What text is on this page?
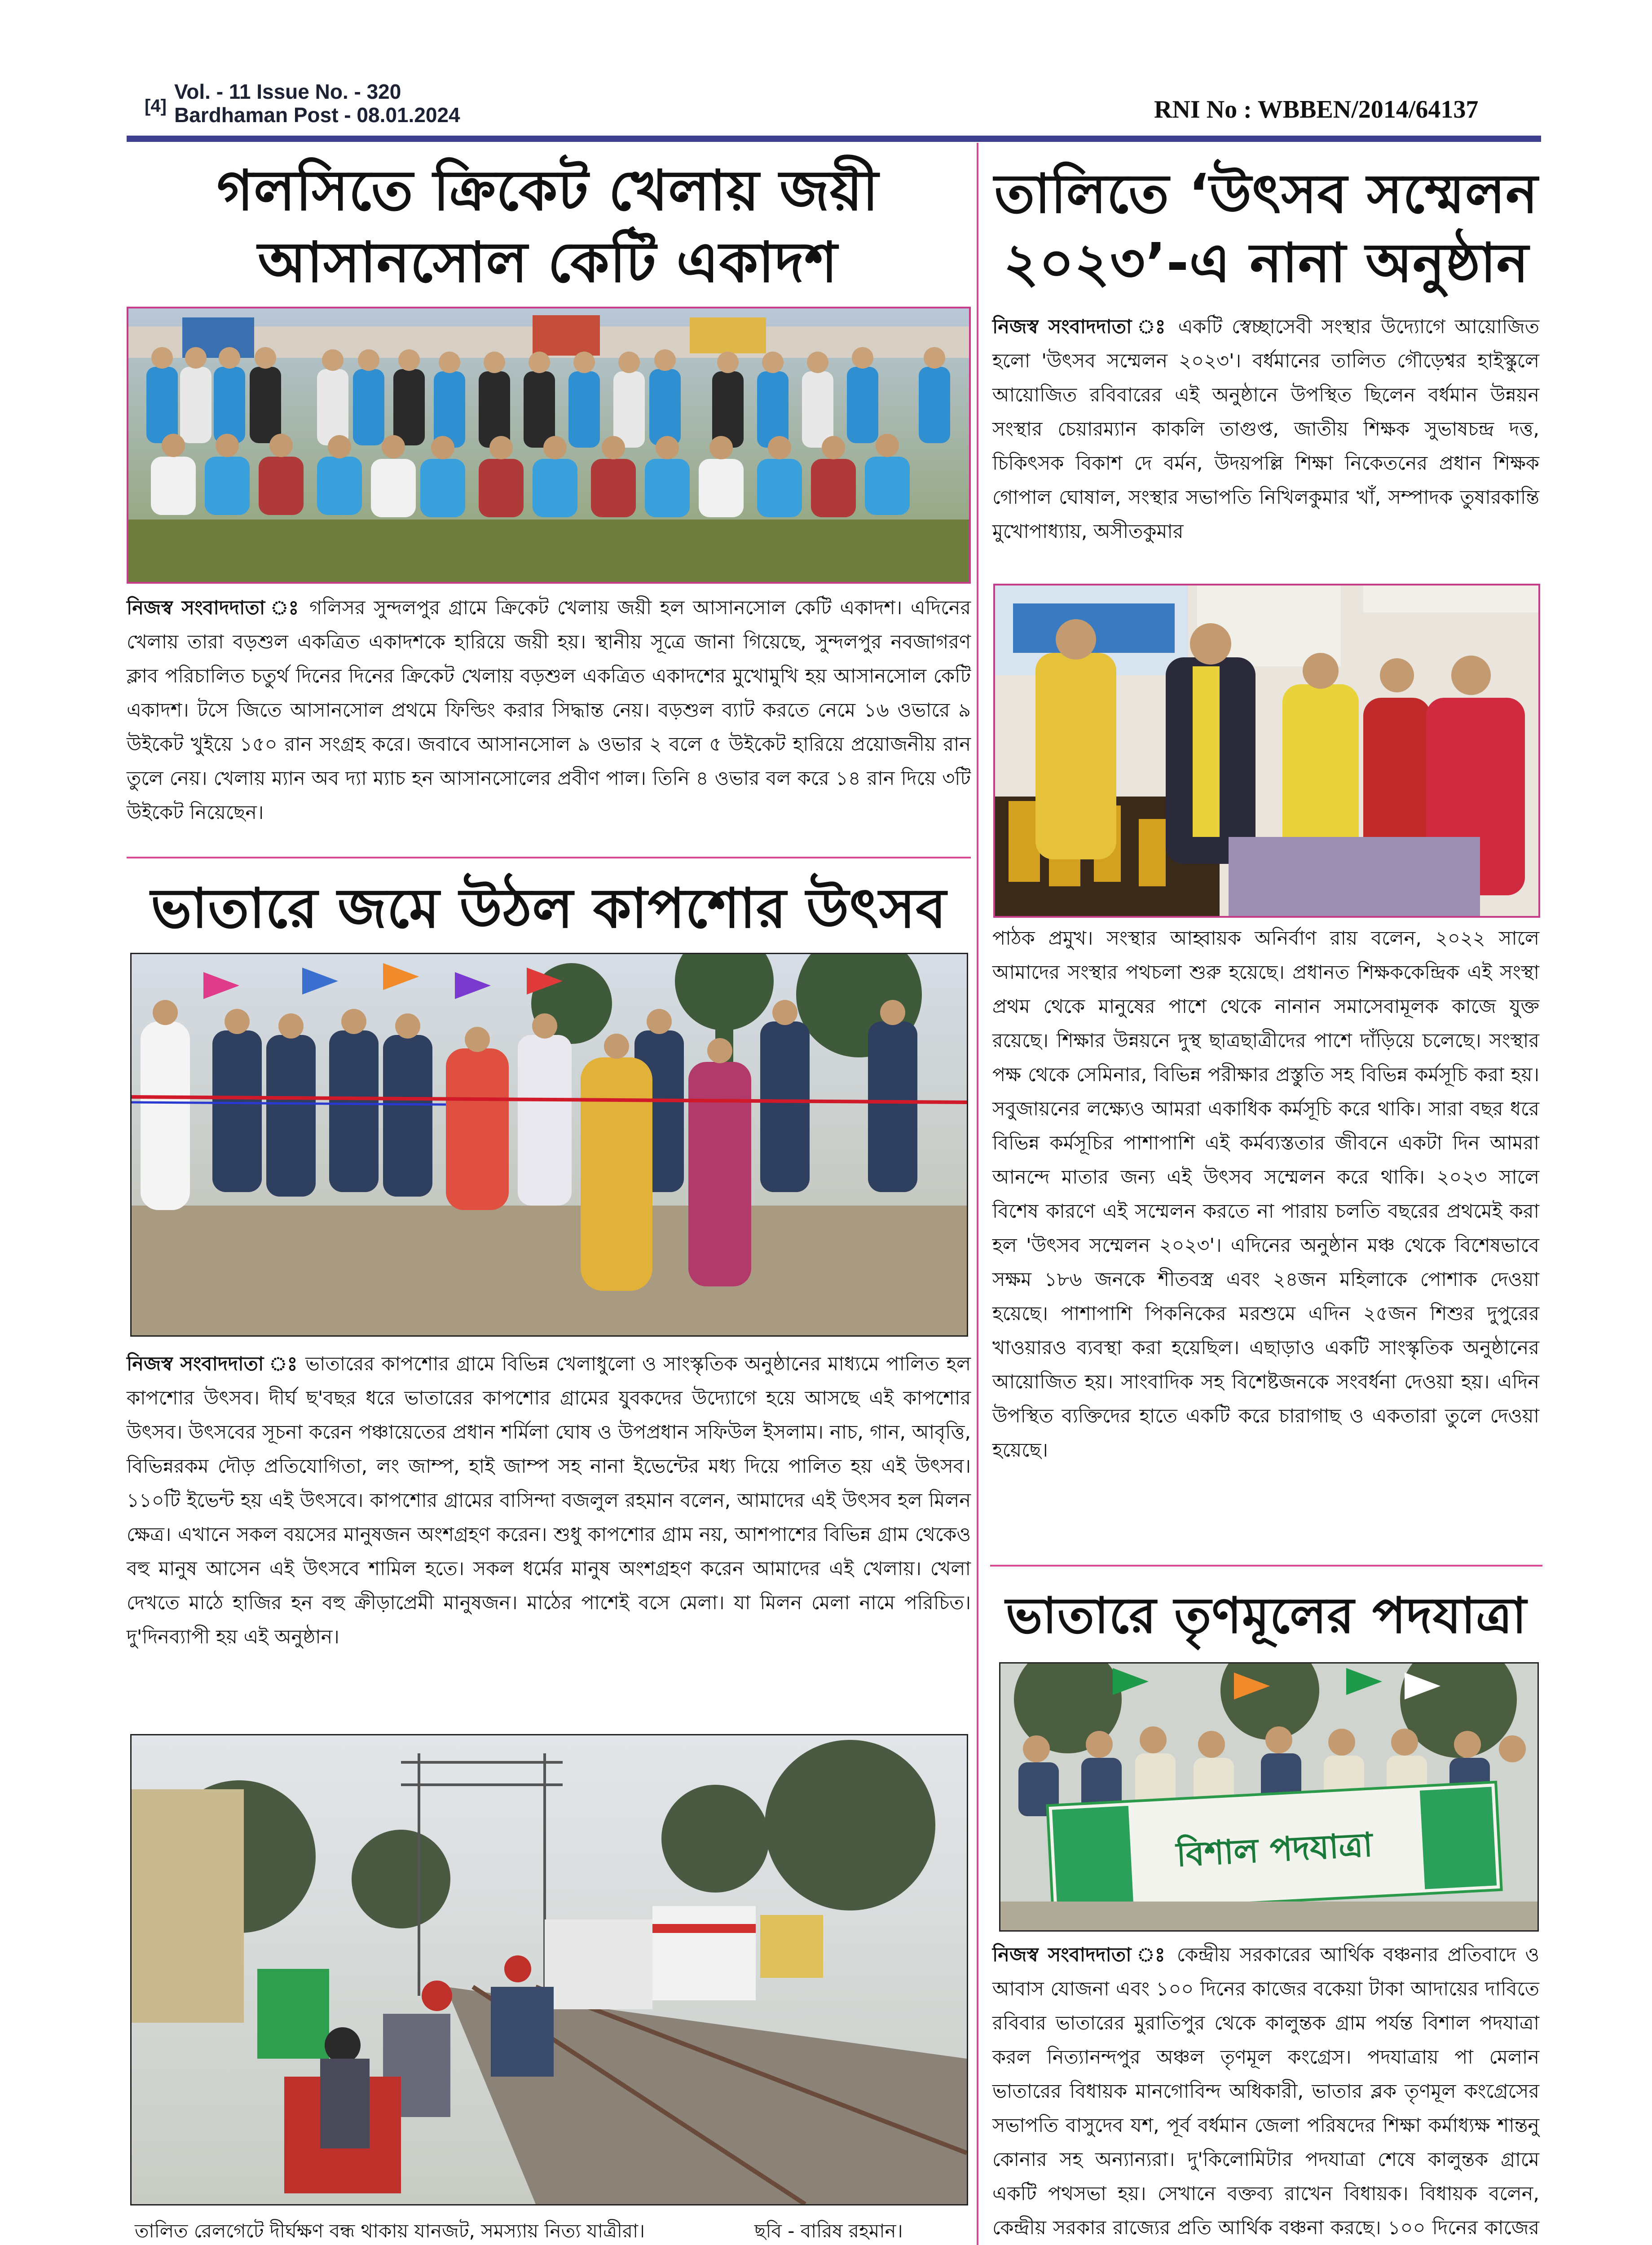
[4]
Vol. - 11 Issue No. - 320
Bardhaman Post - 08.01.2024	RNI No : WBBEN/2014/64137
গলসিতে ক্রিকেট খেলায় জয়ী
আসানসোল কেটি একাদশ
নিজস্ব সংবাদদাতা ঃ গলিসর সুন্দলপুর গ্রামে ক্রিকেট খেলায় জয়ী হল আসানসোল কেটি একাদশ। এদিনের খেলায় তারা বড়শুল একত্রিত একাদশকে হারিয়ে জয়ী হয়। স্থানীয় সূত্রে জানা গিয়েছে, সুন্দলপুর নবজাগরণ ক্লাব পরিচালিত চতুর্থ দিনের দিনের ক্রিকেট খেলায় বড়শুল একত্রিত একাদশের মুখোমুখি হয় আসানসোল কেটি একাদশ। টসে জিতে আসানসোল প্রথমে ফিল্ডিং করার সিদ্ধান্ত নেয়। বড়শুল ব্যাট করতে নেমে ১৬ ওভারে ৯ উইকেট খুইয়ে ১৫০ রান সংগ্রহ করে। জবাবে আসানসোল ৯ ওভার ২ বলে ৫ উইকেট হারিয়ে প্রয়োজনীয় রান তুলে নেয়। খেলায় ম্যান অব দ্যা ম্যাচ হন আসানসোলের প্রবীণ পাল। তিনি ৪ ওভার বল করে ১৪ রান দিয়ে ৩টি উইকেট নিয়েছেন।
ভাতারে জমে উঠল কাপশোর উৎসব
নিজস্ব সংবাদদাতা ঃ ভাতারের কাপশোর গ্রামে বিভিন্ন খেলাধুলো ও সাংস্কৃতিক অনুষ্ঠানের মাধ্যমে পালিত হল কাপশোর উৎসব। দীর্ঘ ছ'বছর ধরে ভাতারের কাপশোর গ্রামের যুবকদের উদ্যোগে হয়ে আসছে এই কাপশোর উৎসব। উৎসবের সূচনা করেন পঞ্চায়েতের প্রধান শর্মিলা ঘোষ ও উপপ্রধান সফিউল ইসলাম। নাচ, গান, আবৃত্তি, বিভিন্নরকম দৌড় প্রতিযোগিতা, লং জাম্প, হাই জাম্প সহ নানা ইভেন্টের মধ্য দিয়ে পালিত হয় এই উৎসব। ১১০টি ইভেন্ট হয় এই উৎসবে। কাপশোর গ্রামের বাসিন্দা বজলুল রহমান বলেন, আমাদের এই উৎসব হল মিলন ক্ষেত্র। এখানে সকল বয়সের মানুষজন অংশগ্রহণ করেন। শুধু কাপশোর গ্রাম নয়, আশপাশের বিভিন্ন গ্রাম থেকেও বহু মানুষ আসেন এই উৎসবে শামিল হতে। সকল ধর্মের মানুষ অংশগ্রহণ করেন আমাদের এই খেলায়। খেলা দেখতে মাঠে হাজির হন বহু ক্রীড়াপ্রেমী মানুষজন। মাঠের পাশেই বসে মেলা। যা মিলন মেলা নামে পরিচিত। দু'দিনব্যাপী হয় এই অনুষ্ঠান।
তালিত রেলগেটে দীর্ঘক্ষণ বন্ধ থাকায় যানজট, সমস্যায় নিত্য যাত্রীরা।	ছবি - বারিষ রহমান।
তালিতে ‘উৎসব সম্মেলন
২০২৩’-এ নানা অনুষ্ঠান
নিজস্ব সংবাদদাতা ঃ একটি স্বেচ্ছাসেবী সংস্থার উদ্যোগে আয়োজিত হলো 'উৎসব সম্মেলন ২০২৩'। বর্ধমানের তালিত গৌড়েশ্বর হাইস্কুলে আয়োজিত রবিবারের এই অনুষ্ঠানে উপস্থিত ছিলেন বর্ধমান উন্নয়ন সংস্থার চেয়ারম্যান কাকলি তাগুপ্ত, জাতীয় শিক্ষক সুভাষচন্দ্র দত্ত, চিকিৎসক বিকাশ দে বর্মন, উদয়পল্লি শিক্ষা নিকেতনের প্রধান শিক্ষক গোপাল ঘোষাল, সংস্থার সভাপতি নিখিলকুমার খাঁ, সম্পাদক তুষারকান্তি মুখোপাধ্যায়, অসীতকুমার
পাঠক প্রমুখ। সংস্থার আহ্বায়ক অনির্বাণ রায় বলেন, ২০২২ সালে আমাদের সংস্থার পথচলা শুরু হয়েছে। প্রধানত শিক্ষককেন্দ্রিক এই সংস্থা প্রথম থেকে মানুষের পাশে থেকে নানান সমাসেবামূলক কাজে যুক্ত রয়েছে। শিক্ষার উন্নয়নে দুস্থ ছাত্রছাত্রীদের পাশে দাঁড়িয়ে চলেছে। সংস্থার পক্ষ থেকে সেমিনার, বিভিন্ন পরীক্ষার প্রস্তুতি সহ বিভিন্ন কর্মসূচি করা হয়। সবুজায়নের লক্ষ্যেও আমরা একাধিক কর্মসূচি করে থাকি। সারা বছর ধরে বিভিন্ন কর্মসূচির পাশাপাশি এই কর্মব্যস্ততার জীবনে একটা দিন আমরা আনন্দে মাতার জন্য এই উৎসব সম্মেলন করে থাকি। ২০২৩ সালে বিশেষ কারণে এই সম্মেলন করতে না পারায় চলতি বছরের প্রথমেই করা হল 'উৎসব সম্মেলন ২০২৩'। এদিনের অনুষ্ঠান মঞ্চ থেকে বিশেষভাবে সক্ষম ১৮৬ জনকে শীতবস্ত্র এবং ২৪জন মহিলাকে পোশাক দেওয়া হয়েছে। পাশাপাশি পিকনিকের মরশুমে এদিন ২৫জন শিশুর দুপুরের খাওয়ারও ব্যবস্থা করা হয়েছিল। এছাড়াও একটি সাংস্কৃতিক অনুষ্ঠানের আয়োজিত হয়। সাংবাদিক সহ বিশেষ্টজনকে সংবর্ধনা দেওয়া হয়। এদিন উপস্থিত ব্যক্তিদের হাতে একটি করে চারাগাছ ও একতারা তুলে দেওয়া হয়েছে।
ভাতারে তৃণমূলের পদযাত্রা
বিশাল পদযাত্রা
নিজস্ব সংবাদদাতা ঃ কেন্দ্রীয় সরকারের আর্থিক বঞ্চনার প্রতিবাদে ও আবাস যোজনা এবং ১০০ দিনের কাজের বকেয়া টাকা আদায়ের দাবিতে রবিবার ভাতারের মুরাতিপুর থেকে কালুন্তক গ্রাম পর্যন্ত বিশাল পদযাত্রা করল নিত্যানন্দপুর অঞ্চল তৃণমূল কংগ্রেস। পদযাত্রায় পা মেলান ভাতারের বিধায়ক মানগোবিন্দ অধিকারী, ভাতার ব্লক তৃণমূল কংগ্রেসের সভাপতি বাসুদেব যশ, পূর্ব বর্ধমান জেলা পরিষদের শিক্ষা কর্মাধ্যক্ষ শান্তনু কোনার সহ অন্যান্যরা। দু'কিলোমিটার পদযাত্রা শেষে কালুন্তক গ্রামে একটি পথসভা হয়। সেখানে বক্তব্য রাখেন বিধায়ক। বিধায়ক বলেন, কেন্দ্রীয় সরকার রাজ্যের প্রতি আর্থিক বঞ্চনা করছে। ১০০ দিনের কাজের
